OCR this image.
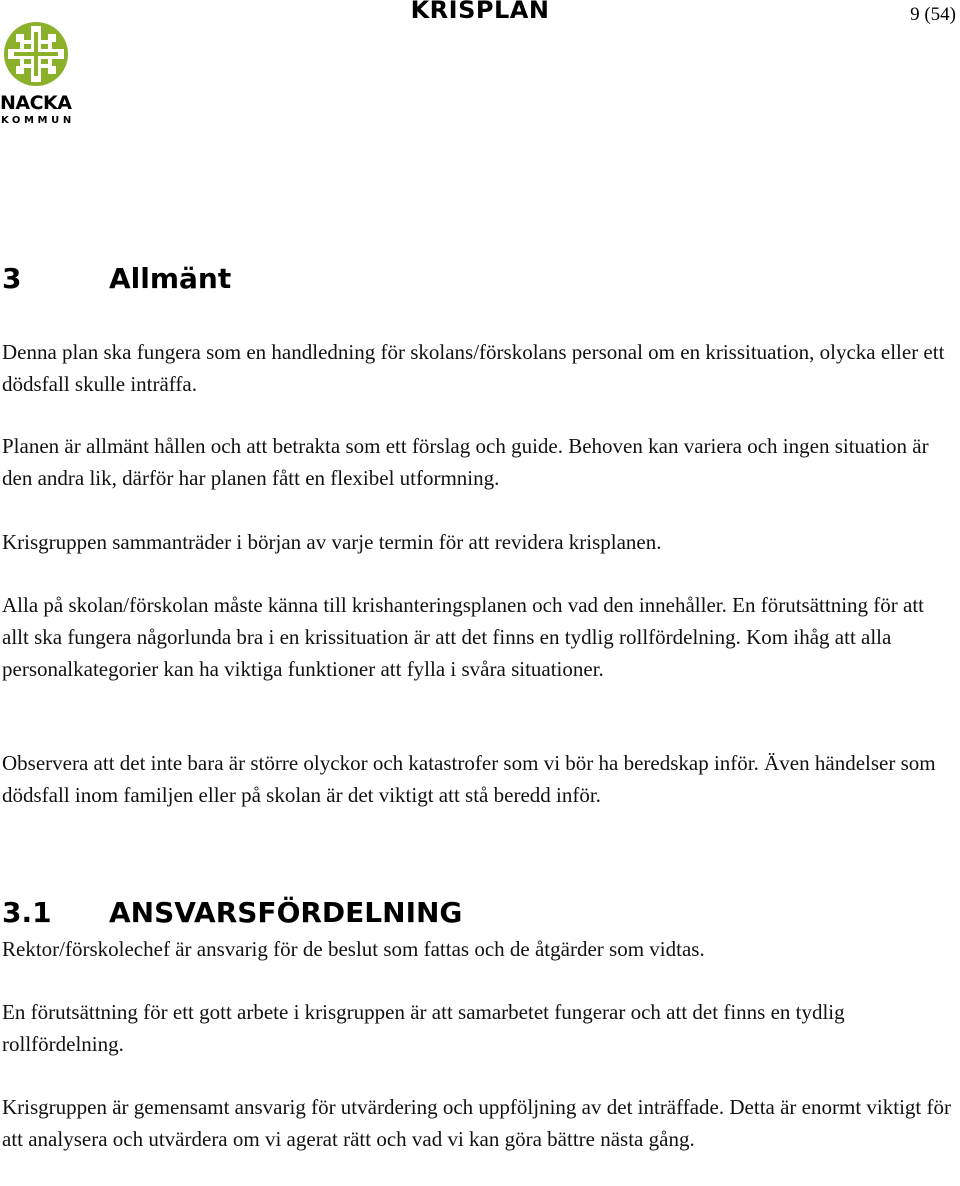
KRISPLAN	9 (54)
NACKA
KOMMUN
3	Allmänt

Denna plan ska fungera som en handledning för skolans/förskolans personal om en krissituation, olycka eller ett dödsfall skulle inträffa.

Planen är allmänt hållen och att betrakta som ett förslag och guide. Behoven kan variera och ingen situation är den andra lik, därför har planen fått en flexibel utformning.

Krisgruppen sammanträder i början av varje termin för att revidera krisplanen.

Alla på skolan/förskolan måste känna till krishanteringsplanen och vad den innehåller. En förutsättning för att allt ska fungera någorlunda bra i en krissituation är att det finns en tydlig rollfördelning. Kom ihåg att alla personalkategorier kan ha viktiga funktioner att fylla i svåra situationer.

Observera att det inte bara är större olyckor och katastrofer som vi bör ha beredskap inför. Även händelser som dödsfall inom familjen eller på skolan är det viktigt att stå beredd inför.

3.1 ANSVARSFÖRDELNING

Rektor/förskolechef är ansvarig för de beslut som fattas och de åtgärder som vidtas.

En förutsättning för ett gott arbete i krisgruppen är att samarbetet fungerar och att det finns en tydlig rollfördelning.

Krisgruppen är gemensamt ansvarig för utvärdering och uppföljning av det inträffade. Detta är enormt viktigt för att analysera och utvärdera om vi agerat rätt och vad vi kan göra bättre nästa gång.
